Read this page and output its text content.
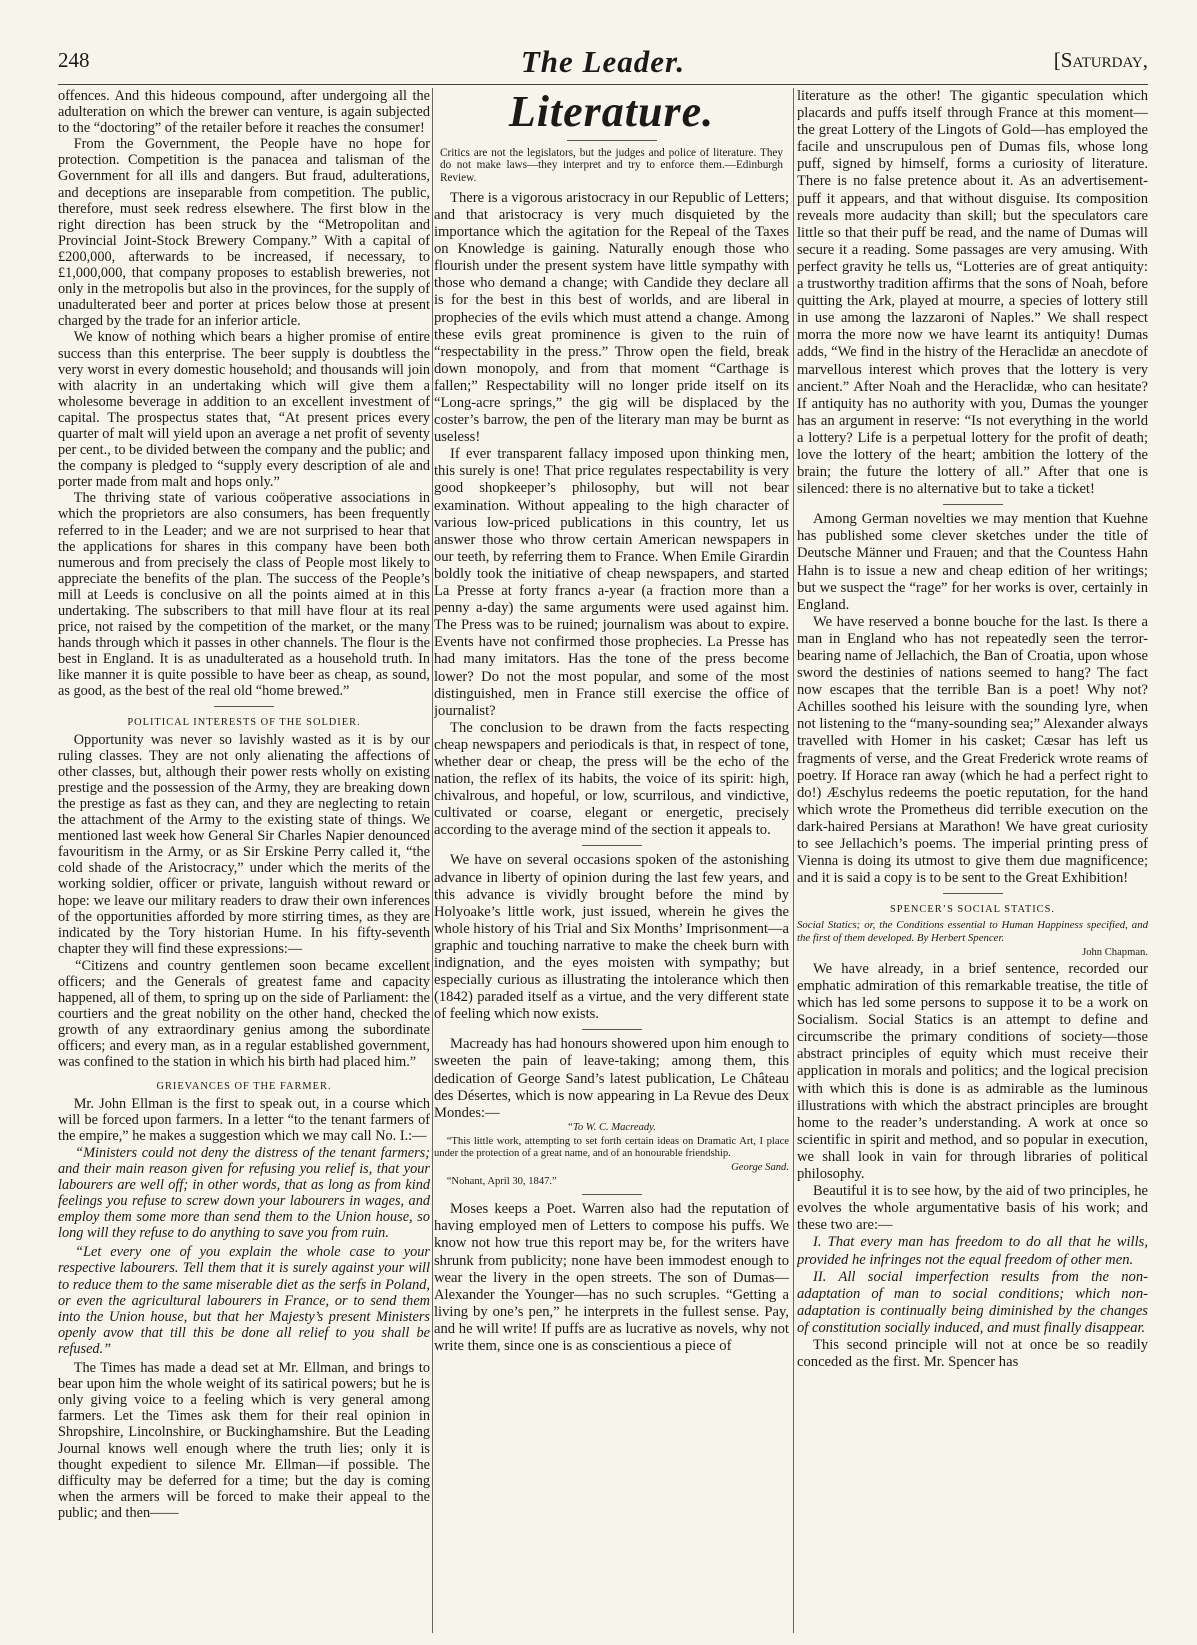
248	The Leader.	[Saturday,

offences. And this hideous compound, after undergoing all the adulteration on which the brewer can venture, is again subjected to the “doctoring” of the retailer before it reaches the consumer!

From the Government, the People have no hope for protection. Competition is the panacea and talisman of the Government for all ills and dangers. But fraud, adulterations, and deceptions are inseparable from competition. The public, therefore, must seek redress elsewhere. The first blow in the right direction has been struck by the “Metropolitan and Provincial Joint-Stock Brewery Company.” With a capital of £200,000, afterwards to be increased, if necessary, to £1,000,000, that company proposes to establish breweries, not only in the metropolis but also in the provinces, for the supply of unadulterated beer and porter at prices below those at present charged by the trade for an inferior article.

We know of nothing which bears a higher promise of entire success than this enterprise. The beer supply is doubtless the very worst in every domestic household; and thousands will join with alacrity in an undertaking which will give them a wholesome beverage in addition to an excellent investment of capital. The prospectus states that, “At present prices every quarter of malt will yield upon an average a net profit of seventy per cent., to be divided between the company and the public; and the company is pledged to “supply every description of ale and porter made from malt and hops only.”

The thriving state of various coöperative associations in which the proprietors are also consumers, has been frequently referred to in the Leader; and we are not surprised to hear that the applications for shares in this company have been both numerous and from precisely the class of People most likely to appreciate the benefits of the plan. The success of the People’s mill at Leeds is conclusive on all the points aimed at in this undertaking. The subscribers to that mill have flour at its real price, not raised by the competition of the market, or the many hands through which it passes in other channels. The flour is the best in England. It is as unadulterated as a household truth. In like manner it is quite possible to have beer as cheap, as sound, as good, as the best of the real old “home brewed.”

POLITICAL INTERESTS OF THE SOLDIER.

Opportunity was never so lavishly wasted as it is by our ruling classes. They are not only alienating the affections of other classes, but, although their power rests wholly on existing prestige and the possession of the Army, they are breaking down the prestige as fast as they can, and they are neglecting to retain the attachment of the Army to the existing state of things. We mentioned last week how General Sir Charles Napier denounced favouritism in the Army, or as Sir Erskine Perry called it, “the cold shade of the Aristocracy,” under which the merits of the working soldier, officer or private, languish without reward or hope: we leave our military readers to draw their own inferences of the opportunities afforded by more stirring times, as they are indicated by the Tory historian Hume. In his fifty-seventh chapter they will find these expressions:—

“Citizens and country gentlemen soon became excellent officers; and the Generals of greatest fame and capacity happened, all of them, to spring up on the side of Parliament: the courtiers and the great nobility on the other hand, checked the growth of any extraordinary genius among the subordinate officers; and every man, as in a regular established government, was confined to the station in which his birth had placed him.”

GRIEVANCES OF THE FARMER.

Mr. John Ellman is the first to speak out, in a course which will be forced upon farmers. In a letter “to the tenant farmers of the empire,” he makes a suggestion which we may call No. I.:—

“Ministers could not deny the distress of the tenant farmers; and their main reason given for refusing you relief is, that your labourers are well off; in other words, that as long as from kind feelings you refuse to screw down your labourers in wages, and employ them some more than send them to the Union house, so long will they refuse to do anything to save you from ruin.

“Let every one of you explain the whole case to your respective labourers. Tell them that it is surely against your will to reduce them to the same miserable diet as the serfs in Poland, or even the agricultural labourers in France, or to send them into the Union house, but that her Majesty’s present Ministers openly avow that till this be done all relief to you shall be refused.”

The Times has made a dead set at Mr. Ellman, and brings to bear upon him the whole weight of its satirical powers; but he is only giving voice to a feeling which is very general among farmers. Let the Times ask them for their real opinion in Shropshire, Lincolnshire, or Buckinghamshire. But the Leading Journal knows well enough where the truth lies; only it is thought expedient to silence Mr. Ellman—if possible. The difficulty may be deferred for a time; but the day is coming when the armers will be forced to make their appeal to the public; and then——

Literature.

Critics are not the legislators, but the judges and police of literature. They do not make laws—they interpret and try to enforce them.—Edinburgh Review.

There is a vigorous aristocracy in our Republic of Letters; and that aristocracy is very much disquieted by the importance which the agitation for the Repeal of the Taxes on Knowledge is gaining. Naturally enough those who flourish under the present system have little sympathy with those who demand a change; with Candide they declare all is for the best in this best of worlds, and are liberal in prophecies of the evils which must attend a change. Among these evils great prominence is given to the ruin of “respectability in the press.” Throw open the field, break down monopoly, and from that moment “Carthage is fallen;” Respectability will no longer pride itself on its “Long-acre springs,” the gig will be displaced by the coster’s barrow, the pen of the literary man may be burnt as useless!

If ever transparent fallacy imposed upon thinking men, this surely is one! That price regulates respectability is very good shopkeeper’s philosophy, but will not bear examination. Without appealing to the high character of various low-priced publications in this country, let us answer those who throw certain American newspapers in our teeth, by referring them to France. When Emile Girardin boldly took the initiative of cheap newspapers, and started La Presse at forty francs a-year (a fraction more than a penny a-day) the same arguments were used against him. The Press was to be ruined; journalism was about to expire. Events have not confirmed those prophecies. La Presse has had many imitators. Has the tone of the press become lower? Do not the most popular, and some of the most distinguished, men in France still exercise the office of journalist?

The conclusion to be drawn from the facts respecting cheap newspapers and periodicals is that, in respect of tone, whether dear or cheap, the press will be the echo of the nation, the reflex of its habits, the voice of its spirit: high, chivalrous, and hopeful, or low, scurrilous, and vindictive, cultivated or coarse, elegant or energetic, precisely according to the average mind of the section it appeals to.

We have on several occasions spoken of the astonishing advance in liberty of opinion during the last few years, and this advance is vividly brought before the mind by Holyoake’s little work, just issued, wherein he gives the whole history of his Trial and Six Months’ Imprisonment—a graphic and touching narrative to make the cheek burn with indignation, and the eyes moisten with sympathy; but especially curious as illustrating the intolerance which then (1842) paraded itself as a virtue, and the very different state of feeling which now exists.

Macready has had honours showered upon him enough to sweeten the pain of leave-taking; among them, this dedication of George Sand’s latest publication, Le Château des Désertes, which is now appearing in La Revue des Deux Mondes:—

“To W. C. Macready.

“This little work, attempting to set forth certain ideas on Dramatic Art, I place under the protection of a great name, and of an honourable friendship.

George Sand.

“Nohant, April 30, 1847.”

Moses keeps a Poet. Warren also had the reputation of having employed men of Letters to compose his puffs. We know not how true this report may be, for the writers have shrunk from publicity; none have been immodest enough to wear the livery in the open streets. The son of Dumas—Alexander the Younger—has no such scruples. “Getting a living by one’s pen,” he interprets in the fullest sense. Pay, and he will write! If puffs are as lucrative as novels, why not write them, since one is as conscientious a piece of

literature as the other! The gigantic speculation which placards and puffs itself through France at this moment—the great Lottery of the Lingots of Gold—has employed the facile and unscrupulous pen of Dumas fils, whose long puff, signed by himself, forms a curiosity of literature. There is no false pretence about it. As an advertisement-puff it appears, and that without disguise. Its composition reveals more audacity than skill; but the speculators care little so that their puff be read, and the name of Dumas will secure it a reading. Some passages are very amusing. With perfect gravity he tells us, “Lotteries are of great antiquity: a trustworthy tradition affirms that the sons of Noah, before quitting the Ark, played at mourre, a species of lottery still in use among the lazzaroni of Naples.” We shall respect morra the more now we have learnt its antiquity! Dumas adds, “We find in the histry of the Heraclidæ an anecdote of marvellous interest which proves that the lottery is very ancient.” After Noah and the Heraclidæ, who can hesitate? If antiquity has no authority with you, Dumas the younger has an argument in reserve: “Is not everything in the world a lottery? Life is a perpetual lottery for the profit of death; love the lottery of the heart; ambition the lottery of the brain; the future the lottery of all.” After that one is silenced: there is no alternative but to take a ticket!

Among German novelties we may mention that Kuehne has published some clever sketches under the title of Deutsche Männer und Frauen; and that the Countess Hahn Hahn is to issue a new and cheap edition of her writings; but we suspect the “rage” for her works is over, certainly in England.

We have reserved a bonne bouche for the last. Is there a man in England who has not repeatedly seen the terror-bearing name of Jellachich, the Ban of Croatia, upon whose sword the destinies of nations seemed to hang? The fact now escapes that the terrible Ban is a poet! Why not? Achilles soothed his leisure with the sounding lyre, when not listening to the “many-sounding sea;” Alexander always travelled with Homer in his casket; Cæsar has left us fragments of verse, and the Great Frederick wrote reams of poetry. If Horace ran away (which he had a perfect right to do!) Æschylus redeems the poetic reputation, for the hand which wrote the Prometheus did terrible execution on the dark-haired Persians at Marathon! We have great curiosity to see Jellachich’s poems. The imperial printing press of Vienna is doing its utmost to give them due magnificence; and it is said a copy is to be sent to the Great Exhibition!

SPENCER’S SOCIAL STATICS.

Social Statics; or, the Conditions essential to Human Happiness specified, and the first of them developed. By Herbert Spencer.

John Chapman.

We have already, in a brief sentence, recorded our emphatic admiration of this remarkable treatise, the title of which has led some persons to suppose it to be a work on Socialism. Social Statics is an attempt to define and circumscribe the primary conditions of society—those abstract principles of equity which must receive their application in morals and politics; and the logical precision with which this is done is as admirable as the luminous illustrations with which the abstract principles are brought home to the reader’s understanding. A work at once so scientific in spirit and method, and so popular in execution, we shall look in vain for through libraries of political philosophy.

Beautiful it is to see how, by the aid of two principles, he evolves the whole argumentative basis of his work; and these two are:—

I. That every man has freedom to do all that he wills, provided he infringes not the equal freedom of other men.

II. All social imperfection results from the non-adaptation of man to social conditions; which non-adaptation is continually being diminished by the changes of constitution socially induced, and must finally disappear.

This second principle will not at once be so readily conceded as the first. Mr. Spencer has
